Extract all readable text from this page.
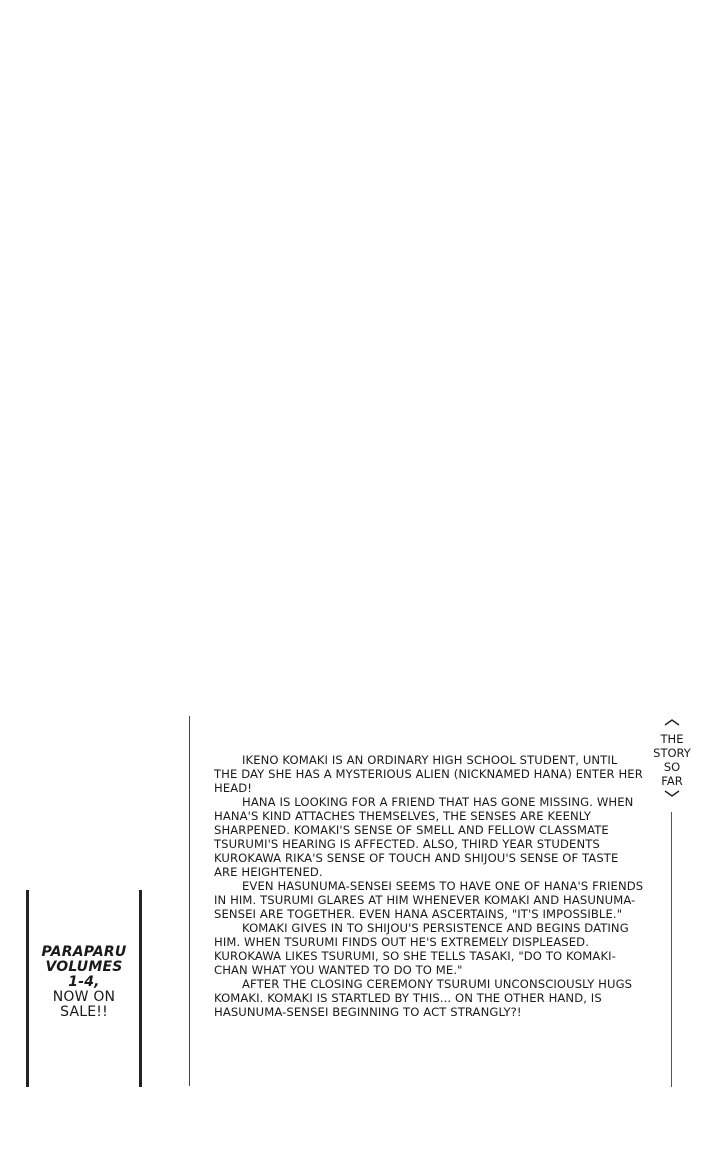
PARAPARU
VOLUMES
1-4,
NOW ON
SALE!!

IKENO KOMAKI IS AN ORDINARY HIGH SCHOOL STUDENT, UNTIL THE DAY SHE HAS A MYSTERIOUS ALIEN (NICKNAMED HANA) ENTER HER HEAD!

HANA IS LOOKING FOR A FRIEND THAT HAS GONE MISSING. WHEN HANA'S KIND ATTACHES THEMSELVES, THE SENSES ARE KEENLY SHARPENED. KOMAKI'S SENSE OF SMELL AND FELLOW CLASSMATE TSURUMI'S HEARING IS AFFECTED. ALSO, THIRD YEAR STUDENTS KUROKAWA RIKA'S SENSE OF TOUCH AND SHIJOU'S SENSE OF TASTE ARE HEIGHTENED.

EVEN HASUNUMA-SENSEI SEEMS TO HAVE ONE OF HANA'S FRIENDS IN HIM. TSURUMI GLARES AT HIM WHENEVER KOMAKI AND HASUNUMA-SENSEI ARE TOGETHER. EVEN HANA ASCERTAINS, "IT'S IMPOSSIBLE."

KOMAKI GIVES IN TO SHIJOU'S PERSISTENCE AND BEGINS DATING HIM. WHEN TSURUMI FINDS OUT HE'S EXTREMELY DISPLEASED. KUROKAWA LIKES TSURUMI, SO SHE TELLS TASAKI, "DO TO KOMAKI-CHAN WHAT YOU WANTED TO DO TO ME."

AFTER THE CLOSING CEREMONY TSURUMI UNCONSCIOUSLY HUGS KOMAKI. KOMAKI IS STARTLED BY THIS... ON THE OTHER HAND, IS HASUNUMA-SENSEI BEGINNING TO ACT STRANGLY?!

THE
STORY
SO
FAR
